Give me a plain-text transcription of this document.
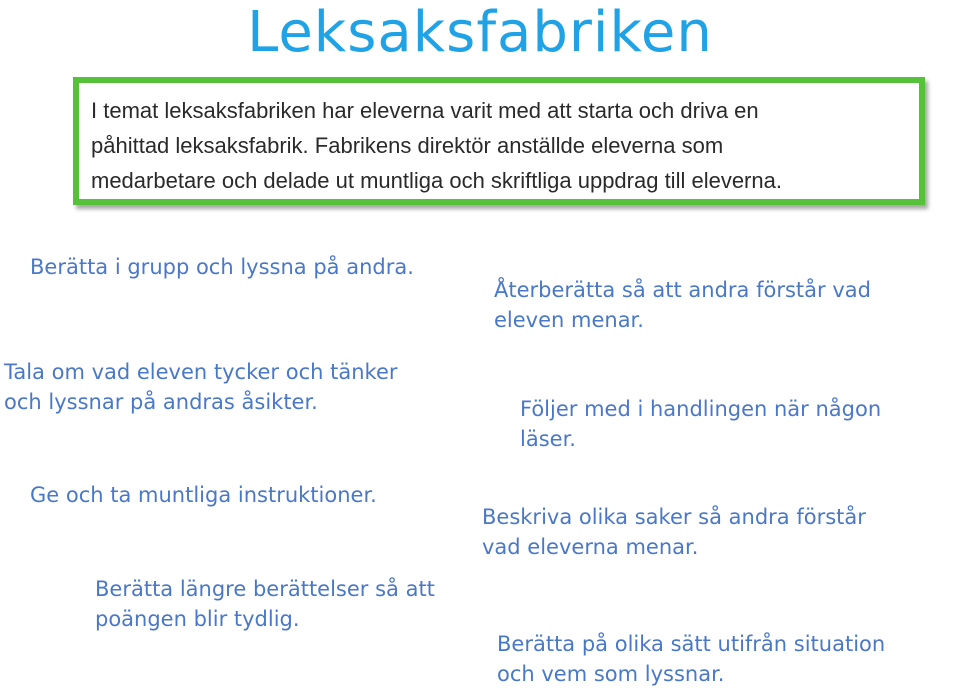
Leksaksfabriken
I temat leksaksfabriken har eleverna varit med att starta och driva en
påhittad leksaksfabrik. Fabrikens direktör anställde eleverna som
medarbetare och delade ut muntliga och skriftliga uppdrag till eleverna.
Berätta i grupp och lyssna på andra.
Återberätta så att andra förstår vad
eleven menar.
Tala om vad eleven tycker och tänker
och lyssnar på andras åsikter.	Följer med i handlingen när någon
läser.
Ge och ta muntliga instruktioner.
Beskriva olika saker så andra förstår
vad eleverna menar.
Berätta längre berättelser så att
poängen blir tydlig.
Berätta på olika sätt utifrån situation
och vem som lyssnar.
